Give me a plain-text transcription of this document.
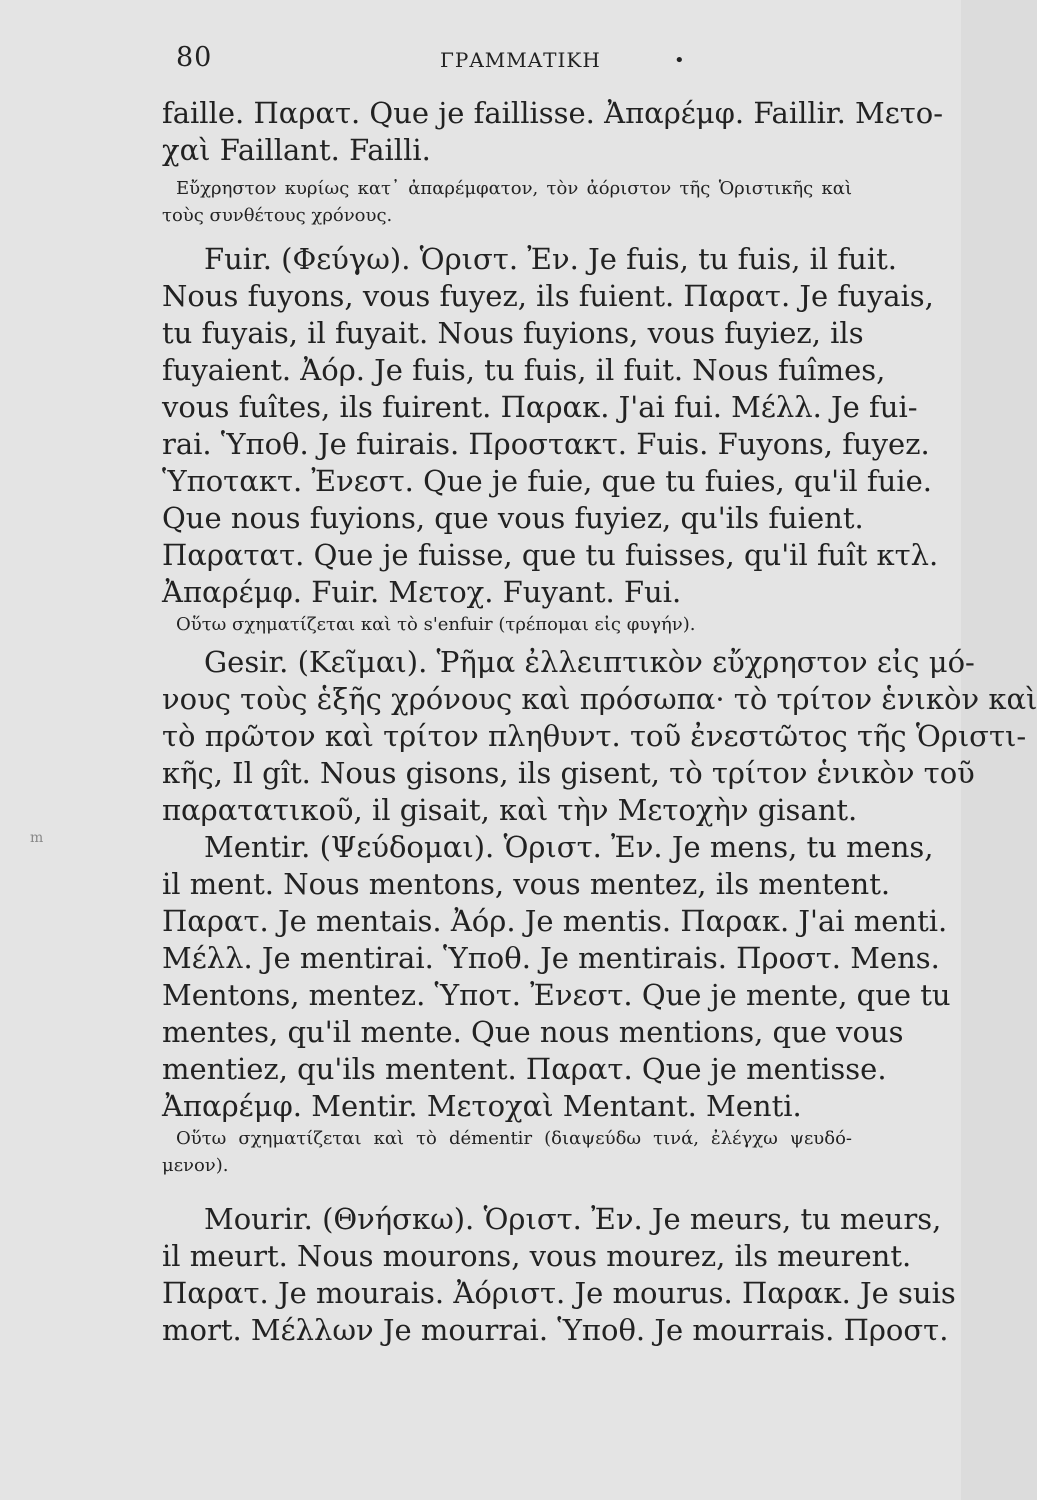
80	ΓΡΑΜΜΑΤΙΚΗ	•
m
faille. Παρατ. Que je faillisse. Ἀπαρέμφ. Faillir. Μετο-
χαὶ Faillant. Failli.
Εὔχρηστον κυρίως κατ᾽ ἀπαρέμφατον, τὸν ἀόριστον τῆς Ὁριστικῆς καὶ
τοὺς συνθέτους χρόνους.
Fuir. (Φεύγω). Ὁριστ. Ἐν. Je fuis, tu fuis, il fuit.
Nous fuyons, vous fuyez, ils fuient. Παρατ. Je fuyais,
tu fuyais, il fuyait. Nous fuyions, vous fuyiez, ils
fuyaient. Ἀόρ. Je fuis, tu fuis, il fuit. Nous fuîmes,
vous fuîtes, ils fuirent. Παρακ. J'ai fui. Μέλλ. Je fui-
rai. Ὑποθ. Je fuirais. Προστακτ. Fuis. Fuyons, fuyez.
Ὑποτακτ. Ἐνεστ. Que je fuie, que tu fuies, qu'il fuie.
Que nous fuyions, que vous fuyiez, qu'ils fuient.
Παρατατ. Que je fuisse, que tu fuisses, qu'il fuît κτλ.
Ἀπαρέμφ. Fuir. Μετοχ. Fuyant. Fui.
Οὕτω σχηματίζεται καὶ τὸ s'enfuir (τρέπομαι εἰς φυγήν).
Gesir. (Κεῖμαι). Ῥῆμα ἐλλειπτικὸν εὔχρηστον εἰς μό-
νους τοὺς ἑξῆς χρόνους καὶ πρόσωπα· τὸ τρίτον ἑνικὸν καὶ
τὸ πρῶτον καὶ τρίτον πληθυντ. τοῦ ἐνεστῶτος τῆς Ὁριστι-
κῆς, Il gît. Nous gisons, ils gisent, τὸ τρίτον ἑνικὸν τοῦ
παρατατικοῦ, il gisait, καὶ τὴν Μετοχὴν gisant.
Mentir. (Ψεύδομαι). Ὁριστ. Ἐν. Je mens, tu mens,
il ment. Nous mentons, vous mentez, ils mentent.
Παρατ. Je mentais. Ἀόρ. Je mentis. Παρακ. J'ai menti.
Μέλλ. Je mentirai. Ὑποθ. Je mentirais. Προστ. Mens.
Mentons, mentez. Ὑποτ. Ἐνεστ. Que je mente, que tu
mentes, qu'il mente. Que nous mentions, que vous
mentiez, qu'ils mentent. Παρατ. Que je mentisse.
Ἀπαρέμφ. Mentir. Μετοχαὶ Mentant. Menti.
Οὕτω σχηματίζεται καὶ τὸ démentir (διαψεύδω τινά, ἐλέγχω ψευδό-
μενον).
Mourir. (Θνήσκω). Ὁριστ. Ἐν. Je meurs, tu meurs,
il meurt. Nous mourons, vous mourez, ils meurent.
Παρατ. Je mourais. Ἀόριστ. Je mourus. Παρακ. Je suis
mort. Μέλλων Je mourrai. Ὑποθ. Je mourrais. Προστ.
